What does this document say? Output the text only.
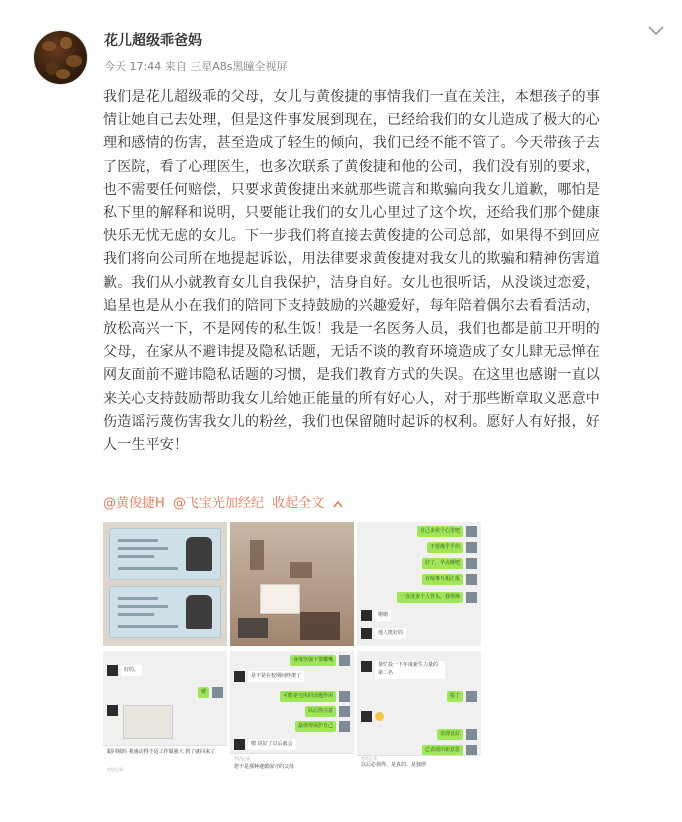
花儿超级乖爸妈
今天 17:44 来自 三星A8s黑瞳全视屏
我们是花儿超级乖的父母，女儿与黄俊捷的事情我们一直在关注，本想孩子的事
情让她自己去处理，但是这件事发展到现在，已经给我们的女儿造成了极大的心
理和感情的伤害，甚至造成了轻生的倾向，我们已经不能不管了。今天带孩子去
了医院，看了心理医生，也多次联系了黄俊捷和他的公司，我们没有别的要求，
也不需要任何赔偿，只要求黄俊捷出来就那些谎言和欺骗向我女儿道歉，哪怕是
私下里的解释和说明，只要能让我们的女儿心里过了这个坎，还给我们那个健康
快乐无忧无虑的女儿。下一步我们将直接去黄俊捷的公司总部，如果得不到回应
我们将向公司所在地提起诉讼，用法律要求黄俊捷对我女儿的欺骗和精神伤害道
歉。我们从小就教育女儿自我保护，洁身自好。女儿也很听话，从没谈过恋爱，
追星也是从小在我们的陪同下支持鼓励的兴趣爱好，每年陪着偶尔去看看活动，
放松高兴一下，不是网传的私生饭！我是一名医务人员，我们也都是前卫开明的
父母，在家从不避讳提及隐私话题，无话不谈的教育环境造成了女儿肆无忌惮在
网友面前不避讳隐私话题的习惯，是我们教育方式的失误。在这里也感谢一直以
来关心支持鼓励帮助我女儿给她正能量的所有好心人，对于那些断章取义恶意中
伤造谣污蔑伤害我女儿的粉丝，我们也保留随时起诉的权利。愿好人有好报，好
人一生平安！
@黄俊捷H @飞宝光加经纪 收起全文
自己多伙个心里吧
不要像乎乎的
好了，早点睡吧
有啥事互相汇报
一直没查个人背头，我得换
嗯嗯
他人挺好的
好的。
嗯
跟同城吗 我感动得不适工作做强大 到了就回来了
对话记录
身体坚强不要嘟嘴
是不是在校期间吵架了
可能是宅所的话题作用
以后得注意
最值得保护自己
嗯 说好了以后就会
对话记录
您不是那种遵循保守的父母
帮忙投一下年度新生力量的第二名
投了
表现良好
已表现出新意思
以后必须得。是真的。是独律
对话记录
